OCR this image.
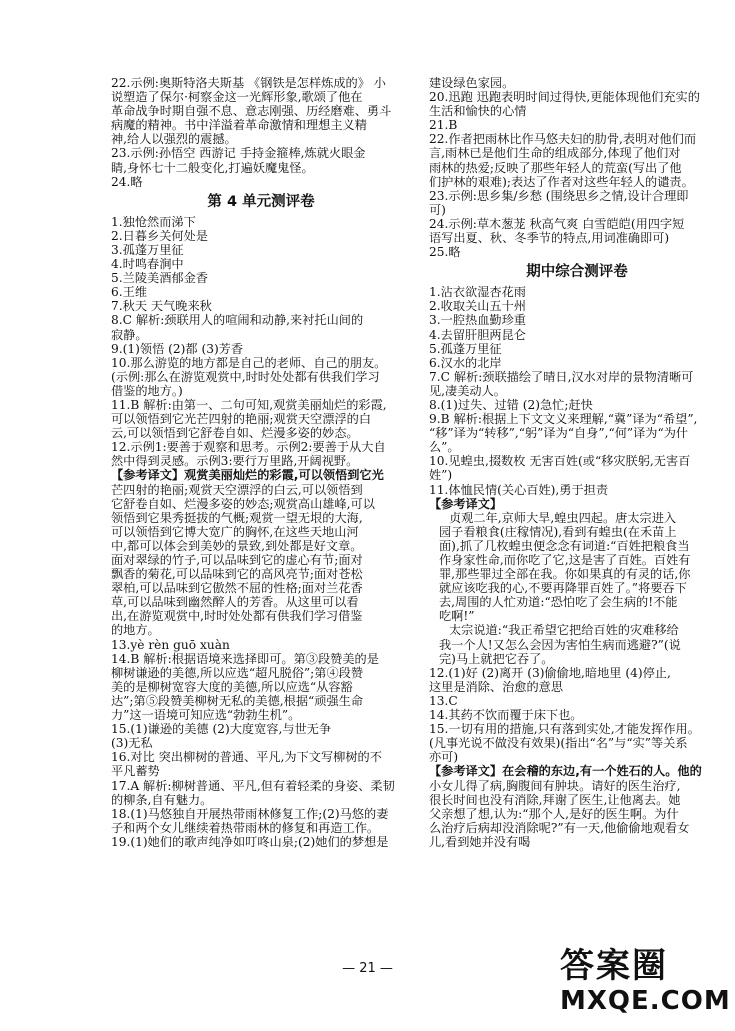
22.示例:奥斯特洛夫斯基 《钢铁是怎样炼成的》 小
说塑造了保尔·柯察金这一光辉形象,歌颂了他在
革命战争时期自强不息、意志刚强、历经磨难、勇斗
病魔的精神。书中洋溢着革命激情和理想主义精
神,给人以强烈的震撼。
23.示例:孙悟空 西游记 手持金箍棒,炼就火眼金
睛,身怀七十二般变化,打遍妖魔鬼怪。
24.略
第 4 单元测评卷
1.独怆然而涕下
2.日暮乡关何处是
3.孤蓬万里征
4.时鸣春涧中
5.兰陵美酒郁金香
6.王维
7.秋天 天气晚来秋
8.C 解析:颈联用人的喧闹和动静,来衬托山间的
寂静。
9.(1)领悟 (2)都 (3)芳香
10.那么游览的地方都是自己的老师、自己的朋友。
(示例:那么在游览观赏中,时时处处都有供我们学习
借鉴的地方。)
11.B 解析:由第一、二句可知,观赏美丽灿烂的彩霞,
可以领悟到它光芒四射的艳丽;观赏天空漂浮的白
云,可以领悟到它舒卷自如、烂漫多姿的妙态。
12.示例1:要善于观察和思考。示例2:要善于从大自
然中得到灵感。示例3:要行万里路,开阔视野。
【参考译文】观赏美丽灿烂的彩霞,可以领悟到它光
芒四射的艳丽;观赏天空漂浮的白云,可以领悟到
它舒卷自如、烂漫多姿的妙态;观赏高山雄峰,可以
领悟到它果秀挺拔的气概;观赏一望无垠的大海,
可以领悟到它博大宽广的胸怀,在这些天地山河
中,都可以体会到美妙的景致,到处都是好文章。
面对翠绿的竹子,可以品味到它的虚心有节;面对
飘香的菊花,可以品味到它的高风亮节;面对苍松
翠柏,可以品味到它傲然不屈的性格;面对兰花香
草,可以品味到幽然醉人的芳香。从这里可以看
出,在游览观赏中,时时处处都有供我们学习借鉴
的地方。
13.yè rèn guō xuàn
14.B 解析:根据语境来选择即可。第③段赞美的是
柳树谦逊的美德,所以应选“超凡脱俗”;第④段赞
美的是柳树宽容大度的美德,所以应选“从容豁
达”;第⑤段赞美柳树无私的美德,根据“顽强生命
力”这一语境可知应选“勃勃生机”。
15.(1)谦逊的美德 (2)大度宽容,与世无争
(3)无私
16.对比 突出柳树的普通、平凡,为下文写柳树的不
平凡蓄势
17.A 解析:柳树普通、平凡,但有着轻柔的身姿、柔韧
的柳条,自有魅力。
18.(1)马悠独自开展热带雨林修复工作;(2)马悠的妻
子和两个女儿继续着热带雨林的修复和再造工作。
19.(1)她们的歌声纯净如叮咚山泉;(2)她们的梦想是
建设绿色家园。
20.迅跑 迅跑表明时间过得快,更能体现他们充实的
生活和愉快的心情
21.B
22.作者把雨林比作马悠夫妇的肋骨,表明对他们而
言,雨林已是他们生命的组成部分,体现了他们对
雨林的热爱;反映了那些年轻人的荒蛮(写出了他
们护林的艰难);表达了作者对这些年轻人的谴责。
23.示例:思乡集/乡愁 (围绕思乡之情,设计合理即
可)
24.示例:草木葱茏 秋高气爽 白雪皑皑(用四字短
语写出夏、秋、冬季节的特点,用词准确即可)
25.略
期中综合测评卷
1.沾衣欲湿杏花雨
2.收取关山五十州
3.一腔热血勤珍重
4.去留肝胆两昆仑
5.孤蓬万里征
6.汉水的北岸
7.C 解析:颈联描绘了晴日,汉水对岸的景物清晰可
见,凄美动人。
8.(1)过失、过错 (2)急忙;赶快
9.B 解析:根据上下文文义来理解,“冀”译为“希望”,
“移”译为“转移”,“躬”译为“自身”,“何”译为“为什
么”。
10.见蝗虫,掇数枚 无害百姓(或“移灾朕躬,无害百
姓”)
11.体恤民情(关心百姓),勇于担责
【参考译文】
贞观二年,京师大旱,蝗虫四起。唐太宗进入
园子看粮食(庄稼情况),看到有蝗虫(在禾苗上
面),抓了几枚蝗虫便念念有词道:“百姓把粮食当
作身家性命,而你吃了它,这是害了百姓。百姓有
罪,那些罪过全部在我。你如果真的有灵的话,你
就应该吃我的心,不要再降罪百姓了。”将要吞下
去,周围的人忙劝道:“恐怕吃了会生病的!不能
吃啊!”
太宗说道:“我正希望它把给百姓的灾难移给
我一个人!又怎么会因为害怕生病而逃避?”(说
完)马上就把它吞了。
12.(1)好 (2)离开 (3)偷偷地,暗地里 (4)停止,
这里是消除、治愈的意思
13.C
14.其药不饮而覆于床下也。
15.一切有用的措施,只有落到实处,才能发挥作用。
(凡事光说不做没有效果)(指出“名”与“实”等关系
亦可)
【参考译文】在会稽的东边,有一个姓石的人。他的
小女儿得了病,胸腹间有肿块。请好的医生治疗,
很长时间也没有消除,拜谢了医生,让他离去。她
父亲想了想,认为:“那个人,是好的医生啊。为什
么治疗后病却没消除呢?”有一天,他偷偷地观看女
儿,看到她并没有喝
— 21 —	答案圈
MXQE.COM
